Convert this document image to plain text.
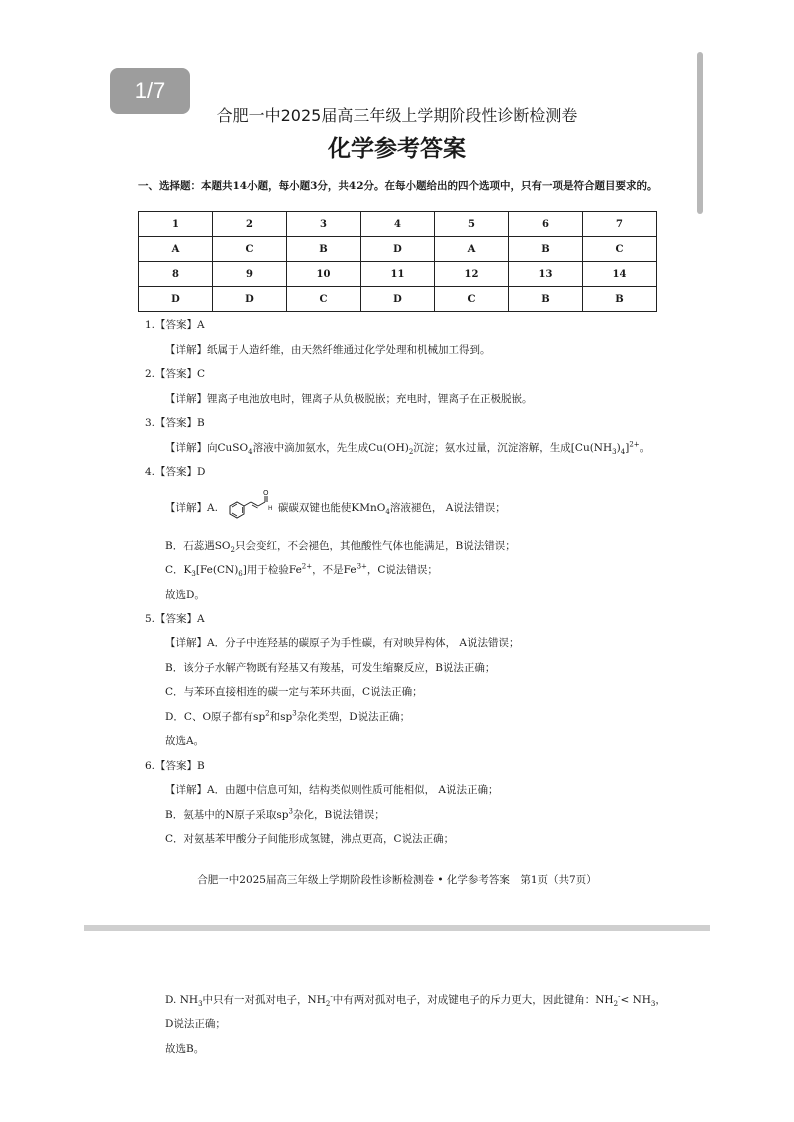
合肥一中2025届高三年级上学期阶段性诊断检测卷
化学参考答案
一、选择题：本题共14小题，每小题3分，共42分。在每小题给出的四个选项中，只有一项是符合题目要求的。
1	2	3	4	5	6	7
A	C	B	D	A	B	C
8	9	10	11	12	13	14
D	D	C	D	C	B	B
1.【答案】A
【详解】纸属于人造纤维，由天然纤维通过化学处理和机械加工得到。
2.【答案】C
【详解】锂离子电池放电时，锂离子从负极脱嵌；充电时，锂离子在正极脱嵌。
3.【答案】B
【详解】向CuSO$_4$溶液中滴加氨水，先生成$Cu(OH)_2$沉淀；氨水过量，沉淀溶解，生成$[Cu(NH_3)_4]^{2+}$。
4.【答案】D
【详解】A.
O
H 碳碳双键也能使KMnO$_4$溶液褪色， A说法错误；
B．石蕊遇$SO_2$只会变红，不会褪色，其他酸性气体也能满足，B说法错误；
C．$K_3[Fe(CN)_6]$用于检验$Fe^{2+}$，不是$Fe^{3+}$，C说法错误；
故选D。
5.【答案】A
【详解】A．分子中连羟基的碳原子为手性碳，有对映异构体， A说法错误；
B．该分子水解产物既有羟基又有羧基，可发生缩聚反应，B说法正确；
C．与苯环直接相连的碳一定与苯环共面，C说法正确；
D．C、O原子都有$sp^2$和$sp^3$杂化类型，D说法正确；
故选A。
6.【答案】B
【详解】A．由题中信息可知，结构类似则性质可能相似， A说法正确；
B．氨基中的N原子采取$sp^3$杂化，B说法错误；
C．对氨基苯甲酸分子间能形成氢键，沸点更高，C说法正确；
合肥一中2025届高三年级上学期阶段性诊断检测卷 • 化学参考答案　第1页（共7页）
D. $NH_3$中只有一对孤对电子，$NH_2^-$中有两对孤对电子，对成键电子的斥力更大，因此键角：$NH_2^-< NH_3$，
D说法正确；
故选B。
1/7
